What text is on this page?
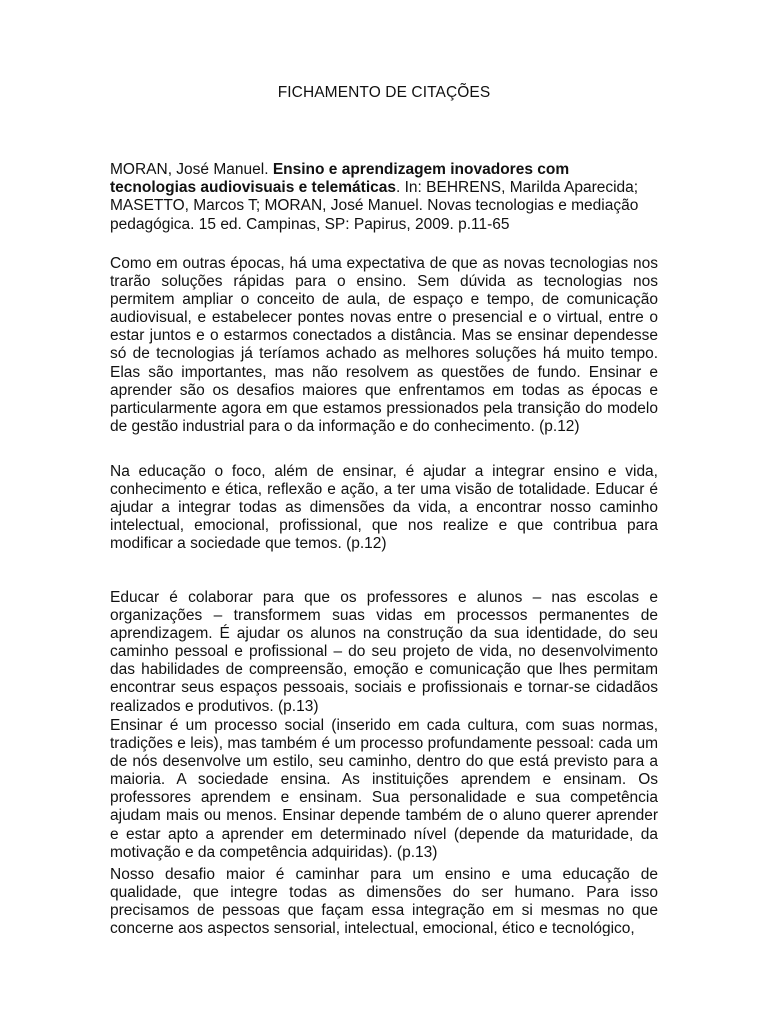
FICHAMENTO DE CITAÇÕES
MORAN, José Manuel. Ensino e aprendizagem inovadores com tecnologias audiovisuais e telemáticas. In: BEHRENS, Marilda Aparecida; MASETTO, Marcos T; MORAN, José Manuel. Novas tecnologias e mediação pedagógica. 15 ed. Campinas, SP: Papirus, 2009. p.11-65

Como em outras épocas, há uma expectativa de que as novas tecnologias nos trarão soluções rápidas para o ensino. Sem dúvida as tecnologias nos permitem ampliar o conceito de aula, de espaço e tempo, de comunicação audiovisual, e estabelecer pontes novas entre o presencial e o virtual, entre o estar juntos e o estarmos conectados a distância. Mas se ensinar dependesse só de tecnologias já teríamos achado as melhores soluções há muito tempo. Elas são importantes, mas não resolvem as questões de fundo. Ensinar e aprender são os desafios maiores que enfrentamos em todas as épocas e particularmente agora em que estamos pressionados pela transição do modelo de gestão industrial para o da informação e do conhecimento. (p.12)

Na educação o foco, além de ensinar, é ajudar a integrar ensino e vida, conhecimento e ética, reflexão e ação, a ter uma visão de totalidade. Educar é ajudar a integrar todas as dimensões da vida, a encontrar nosso caminho intelectual, emocional, profissional, que nos realize e que contribua para modificar a sociedade que temos. (p.12)

Educar é colaborar para que os professores e alunos – nas escolas e organizações – transformem suas vidas em processos permanentes de aprendizagem. É ajudar os alunos na construção da sua identidade, do seu caminho pessoal e profissional – do seu projeto de vida, no desenvolvimento das habilidades de compreensão, emoção e comunicação que lhes permitam encontrar seus espaços pessoais, sociais e profissionais e tornar-se cidadãos realizados e produtivos. (p.13)

Ensinar é um processo social (inserido em cada cultura, com suas normas, tradições e leis), mas também é um processo profundamente pessoal: cada um de nós desenvolve um estilo, seu caminho, dentro do que está previsto para a maioria. A sociedade ensina. As instituições aprendem e ensinam. Os professores aprendem e ensinam. Sua personalidade e sua competência ajudam mais ou menos. Ensinar depende também de o aluno querer aprender e estar apto a aprender em determinado nível (depende da maturidade, da motivação e da competência adquiridas). (p.13)

Nosso desafio maior é caminhar para um ensino e uma educação de qualidade, que integre todas as dimensões do ser humano. Para isso precisamos de pessoas que façam essa integração em si mesmas no que concerne aos aspectos sensorial, intelectual, emocional, ético e tecnológico,
